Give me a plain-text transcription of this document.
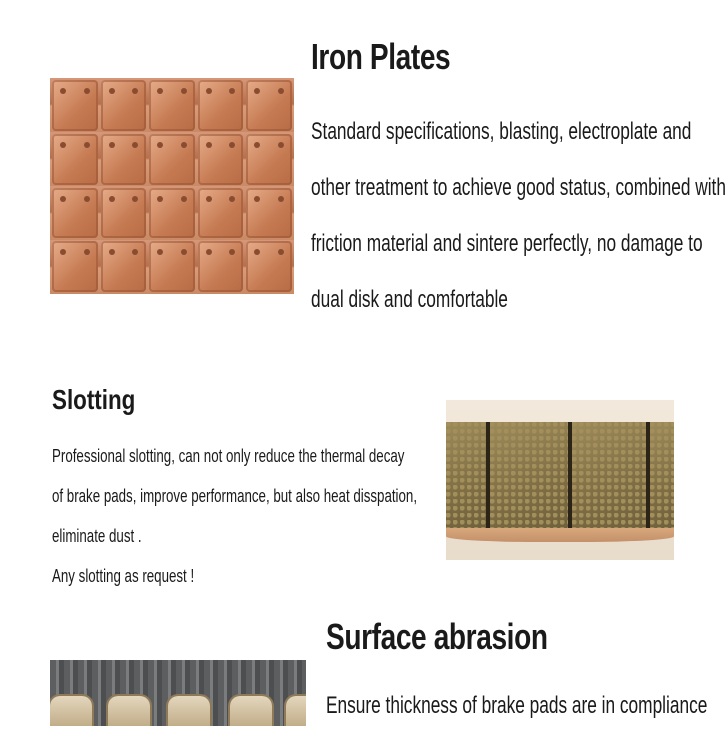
Iron Plates
Standard specifications, blasting, electroplate and
other treatment to achieve good status, combined with
friction material and sintere perfectly, no damage to
dual disk and comfortable
Slotting
Professional slotting, can not only reduce the thermal decay
of brake pads, improve performance, but also heat disspation,
eliminate dust .
Any slotting as request !
Surface abrasion
Ensure thickness of brake pads are in compliance
